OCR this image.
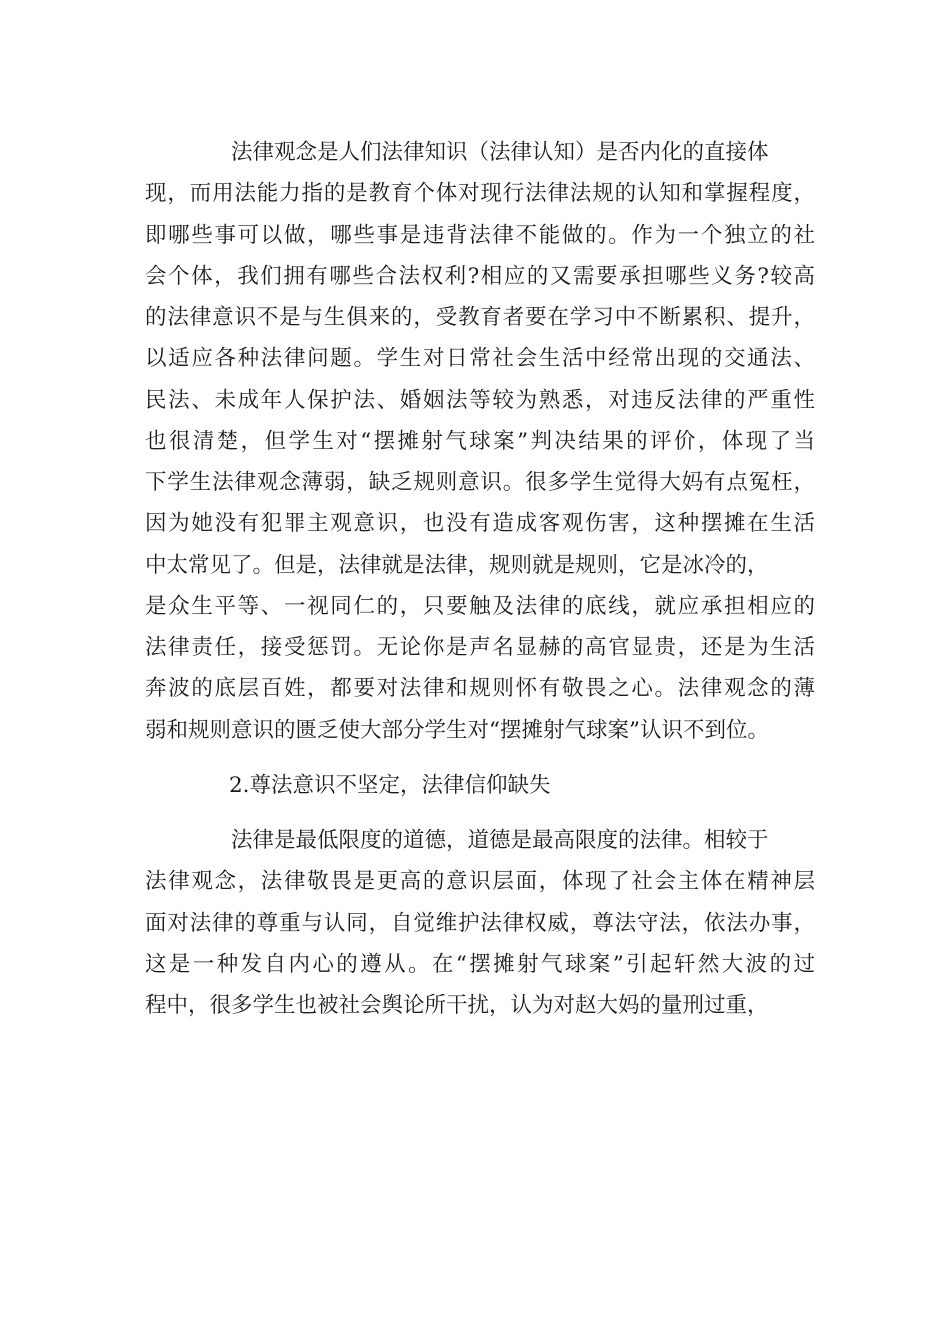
法律观念是人们法律知识（法律认知）是否内化的直接体
现，而用法能力指的是教育个体对现行法律法规的认知和掌握程度，
即哪些事可以做，哪些事是违背法律不能做的。作为一个独立的社
会个体，我们拥有哪些合法权利?相应的又需要承担哪些义务?较高
的法律意识不是与生俱来的，受教育者要在学习中不断累积、提升，
以适应各种法律问题。学生对日常社会生活中经常出现的交通法、
民法、未成年人保护法、婚姻法等较为熟悉，对违反法律的严重性
也很清楚，但学生对“摆摊射气球案”判决结果的评价，体现了当
下学生法律观念薄弱，缺乏规则意识。很多学生觉得大妈有点冤枉，
因为她没有犯罪主观意识，也没有造成客观伤害，这种摆摊在生活
中太常见了。但是，法律就是法律，规则就是规则，它是冰冷的，
是众生平等、一视同仁的，只要触及法律的底线，就应承担相应的
法律责任，接受惩罚。无论你是声名显赫的高官显贵，还是为生活
奔波的底层百姓，都要对法律和规则怀有敬畏之心。法律观念的薄
弱和规则意识的匮乏使大部分学生对“摆摊射气球案”认识不到位。
2.尊法意识不坚定，法律信仰缺失
法律是最低限度的道德，道德是最高限度的法律。相较于
法律观念，法律敬畏是更高的意识层面，体现了社会主体在精神层
面对法律的尊重与认同，自觉维护法律权威，尊法守法，依法办事，
这是一种发自内心的遵从。在“摆摊射气球案”引起轩然大波的过
程中，很多学生也被社会舆论所干扰，认为对赵大妈的量刑过重，
